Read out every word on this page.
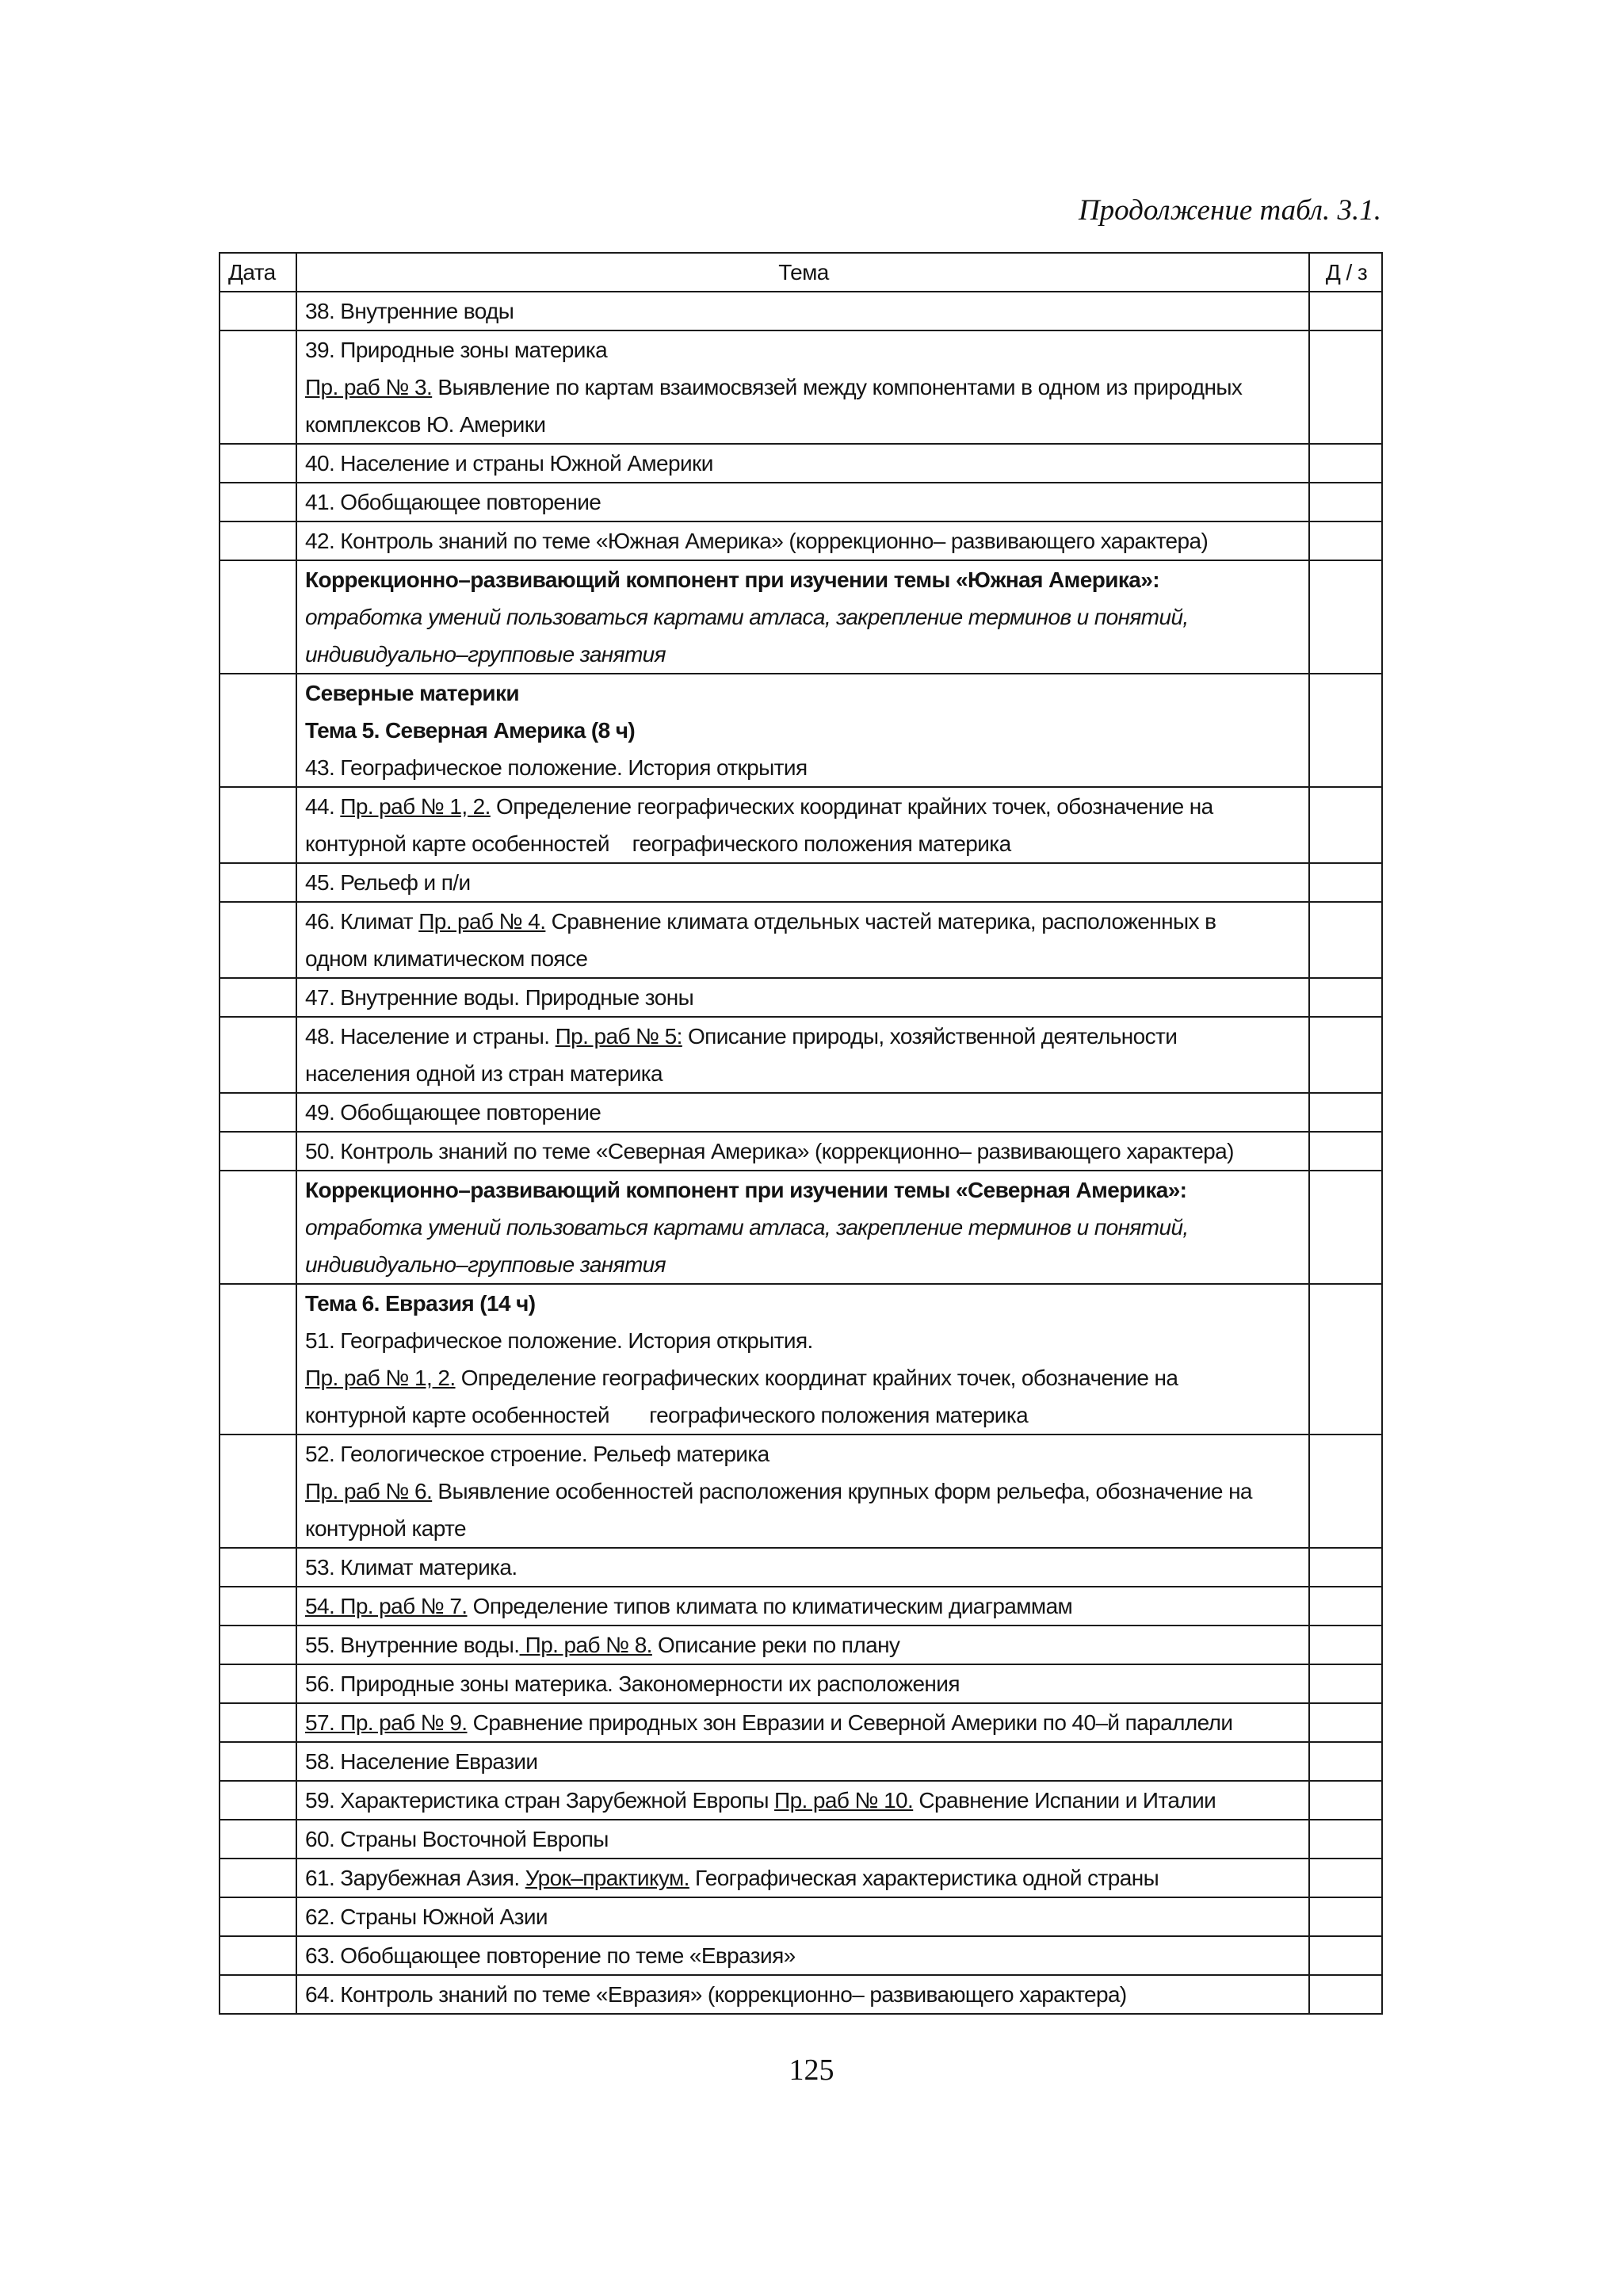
Продолжение табл. 3.1.
Дата	Тема	Д / з
	38. Внутренние воды	

	39. Природные зоны материка
Пр. раб № 3. Выявление по картам взаимосвязей между компонентами в одном из природных
комплексов Ю. Америки	

	40. Население и страны Южной Америки	
	41. Обобщающее повторение	
	42. Контроль знаний по теме «Южная Америка» (коррекционно– развивающего характера)	

	Коррекционно–развивающий компонент при изучении темы «Южная Америка»:
отработка умений пользоваться картами атласа, закрепление терминов и понятий,
индивидуально–групповые занятия	

	Северные материки
Тема 5. Северная Америка (8 ч)
43. Географическое положение. История открытия	

	44. Пр. раб № 1, 2. Определение географических координат крайних точек, обозначение на
контурной карте особенностей    географического положения материка	

	45. Рельеф и п/и	

	46. Климат Пр. раб № 4. Сравнение климата отдельных частей материка, расположенных в
одном климатическом поясе	

	47. Внутренние воды. Природные зоны	

	48. Население и страны. Пр. раб № 5: Описание природы, хозяйственной деятельности
населения одной из стран материка	

	49. Обобщающее повторение	
	50. Контроль знаний по теме «Северная Америка» (коррекционно– развивающего характера)	

	Коррекционно–развивающий компонент при изучении темы «Северная Америка»:
отработка умений пользоваться картами атласа, закрепление терминов и понятий,
индивидуально–групповые занятия	

	Тема 6. Евразия (14 ч)
51. Географическое положение. История открытия.
Пр. раб № 1, 2. Определение географических координат крайних точек, обозначение на
контурной карте особенностей       географического положения материка	

	52. Геологическое строение. Рельеф материка
Пр. раб № 6. Выявление особенностей расположения крупных форм рельефа, обозначение на
контурной карте	

	53. Климат материка.	
	54. Пр. раб № 7. Определение типов климата по климатическим диаграммам	
	55. Внутренние воды. Пр. раб № 8. Описание реки по плану	
	56. Природные зоны материка. Закономерности их расположения	
	57. Пр. раб № 9. Сравнение природных зон Евразии и Северной Америки по 40–й параллели	
	58. Население Евразии	
	59. Характеристика стран Зарубежной Европы Пр. раб № 10. Сравнение Испании и Италии	
	60. Страны Восточной Европы	
	61. Зарубежная Азия. Урок–практикум. Географическая характеристика одной страны	
	62. Страны Южной Азии	
	63. Обобщающее повторение по теме «Евразия»	
	64. Контроль знаний по теме «Евразия» (коррекционно– развивающего характера)	
125
